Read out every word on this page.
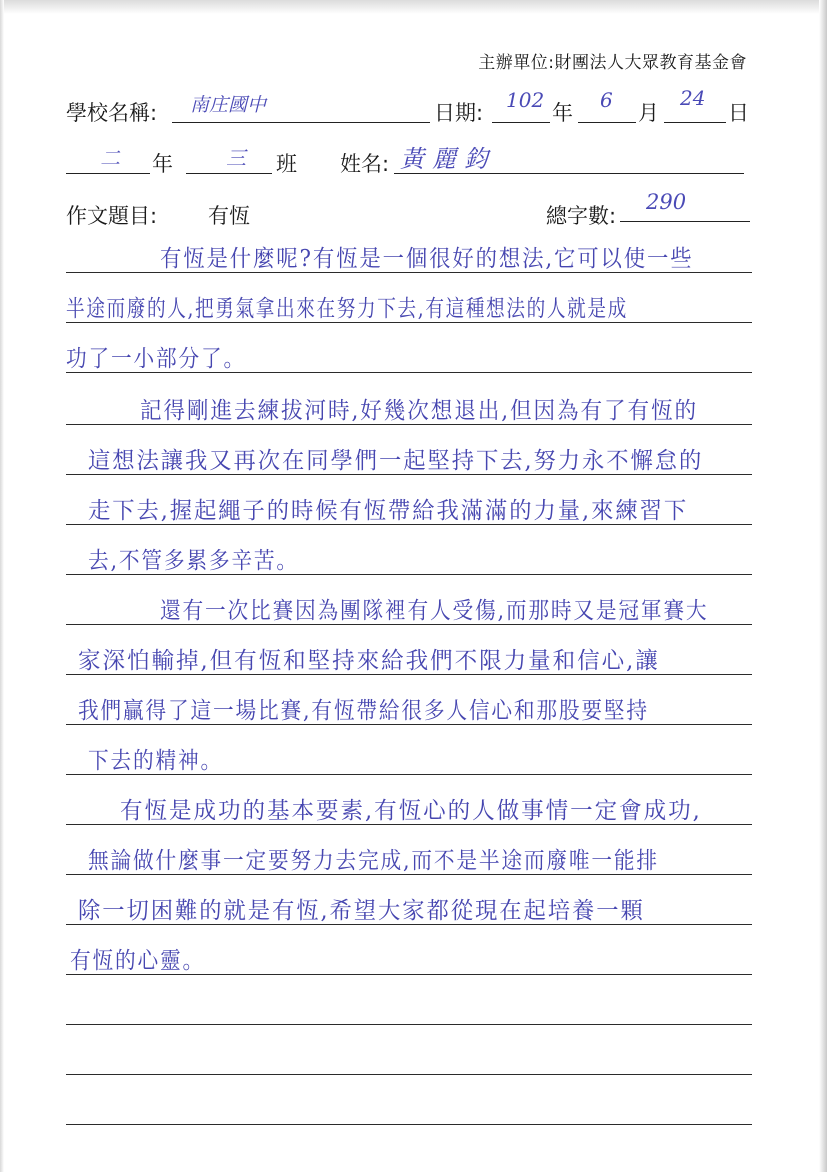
主辦單位:財團法人大眾教育基金會
學校名稱: 南庄國中	日期:
102
年
6
月
24
日
二 年	三 班 姓名: 黃麗鈞
作文題目: 有恆	總字數:
290
有恆是什麼呢?有恆是一個很好的想法,它可以使一些
半途而廢的人,把勇氣拿出來在努力下去,有這種想法的人就是成
功了一小部分了。
記得剛進去練拔河時,好幾次想退出,但因為有了有恆的
這想法讓我又再次在同學們一起堅持下去,努力永不懈怠的
走下去,握起繩子的時候有恆帶給我滿滿的力量,來練習下
去,不管多累多辛苦。
還有一次比賽因為團隊裡有人受傷,而那時又是冠軍賽大
家深怕輸掉,但有恆和堅持來給我們不限力量和信心,讓
我們贏得了這一場比賽,有恆帶給很多人信心和那股要堅持
下去的精神。
有恆是成功的基本要素,有恆心的人做事情一定會成功,
無論做什麼事一定要努力去完成,而不是半途而廢唯一能排
除一切困難的就是有恆,希望大家都從現在起培養一顆
有恆的心靈。
